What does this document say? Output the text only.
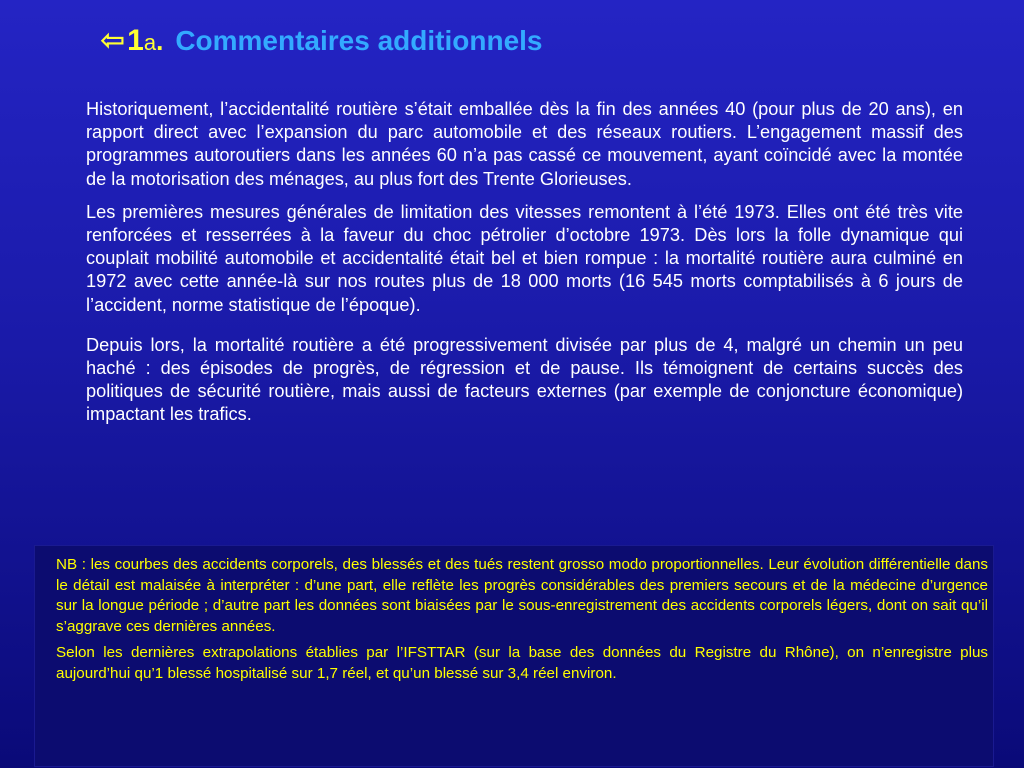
⇦ 1 a . Commentaires additionnels

Historiquement, l’accidentalité routière s’était emballée dès la fin des années 40 (pour plus de 20 ans), en rapport direct avec l’expansion du parc automobile et des réseaux routiers. L’engagement massif des programmes autoroutiers dans les années 60 n’a pas cassé ce mouvement, ayant coïncidé avec la montée de la motorisation des ménages, au plus fort des Trente Glorieuses.

Les premières mesures générales de limitation des vitesses remontent à l’été 1973. Elles ont été très vite renforcées et resserrées à la faveur du choc pétrolier d’octobre 1973. Dès lors la folle dynamique qui couplait mobilité automobile et accidentalité était bel et bien rompue : la mortalité routière aura culminé en 1972 avec cette année-là sur nos routes plus de 18 000 morts (16 545 morts comptabilisés à 6 jours de l’accident, norme statistique de l’époque).

Depuis lors, la mortalité routière a été progressivement divisée par plus de 4, malgré un chemin un peu haché : des épisodes de progrès, de régression et de pause. Ils témoignent de certains succès des politiques de sécurité routière, mais aussi de facteurs externes (par exemple de conjoncture économique) impactant les trafics.

NB : les courbes des accidents corporels, des blessés et des tués restent grosso modo proportionnelles. Leur évolution différentielle dans le détail est malaisée à interpréter : d’une part, elle reflète les progrès considérables des premiers secours et de la médecine d’urgence sur la longue période ; d’autre part les données sont biaisées par le sous-enregistrement des accidents corporels légers, dont on sait qu’il s’aggrave ces dernières années.

Selon les dernières extrapolations établies par l’IFSTTAR (sur la base des données du Registre du Rhône), on n’enregistre plus aujourd’hui qu’1 blessé hospitalisé sur 1,7 réel, et qu’un blessé sur 3,4 réel environ.
